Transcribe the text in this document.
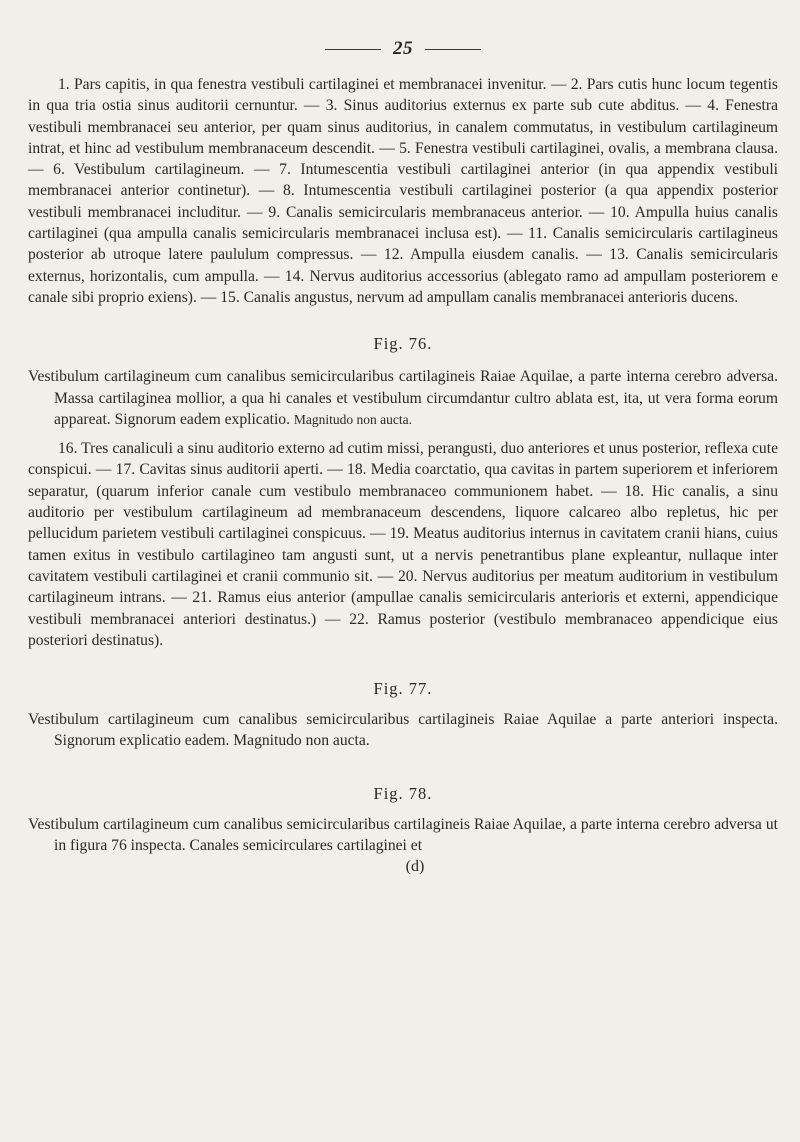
25

1. Pars capitis, in qua fenestra vestibuli cartilaginei et membranacei invenitur. — 2. Pars cutis hunc locum tegentis in qua tria ostia sinus auditorii cernuntur. — 3. Sinus auditorius externus ex parte sub cute abditus. — 4. Fenestra vestibuli membranacei seu anterior, per quam sinus auditorius, in canalem commutatus, in vestibulum cartilagineum intrat, et hinc ad vestibulum membranaceum descendit. — 5. Fenestra vestibuli cartilaginei, ovalis, a membrana clausa. — 6. Vestibulum cartilagineum. — 7. Intumescentia vestibuli cartilaginei anterior (in qua appendix vestibuli membranacei anterior continetur). — 8. Intumescentia vestibuli cartilaginei posterior (a qua appendix posterior vestibuli membranacei includitur. — 9. Canalis semicircularis membranaceus anterior. — 10. Ampulla huius canalis cartilaginei (qua ampulla canalis semicircularis membranacei inclusa est). — 11. Canalis semicircularis cartilagineus posterior ab utroque latere paululum compressus. — 12. Ampulla eiusdem canalis. — 13. Canalis semicircularis externus, horizontalis, cum ampulla. — 14. Nervus auditorius accessorius (ablegato ramo ad ampullam posteriorem e canale sibi proprio exiens). — 15. Canalis angustus, nervum ad ampullam canalis membranacei anterioris ducens.

Fig. 76.

Vestibulum cartilagineum cum canalibus semicircularibus cartilagineis Raiae Aquilae, a parte interna cerebro adversa. Massa cartilaginea mollior, a qua hi canales et vestibulum circumdantur cultro ablata est, ita, ut vera forma eorum appareat. Signorum eadem explicatio. Magnitudo non aucta.

16. Tres canaliculi a sinu auditorio externo ad cutim missi, perangusti, duo anteriores et unus posterior, reflexa cute conspicui. — 17. Cavitas sinus auditorii aperti. — 18. Media coarctatio, qua cavitas in partem superiorem et inferiorem separatur, (quarum inferior canale cum vestibulo membranaceo communionem habet. — 18. Hic canalis, a sinu auditorio per vestibulum cartilagineum ad membranaceum descendens, liquore calcareo albo repletus, hic per pellucidum parietem vestibuli cartilaginei conspicuus. — 19. Meatus auditorius internus in cavitatem cranii hians, cuius tamen exitus in vestibulo cartilagineo tam angusti sunt, ut a nervis penetrantibus plane expleantur, nullaque inter cavitatem vestibuli cartilaginei et cranii communio sit. — 20. Nervus auditorius per meatum auditorium in vestibulum cartilagineum intrans. — 21. Ramus eius anterior (ampullae canalis semicircularis anterioris et externi, appendicique vestibuli membranacei anteriori destinatus.) — 22. Ramus posterior (vestibulo membranaceo appendicique eius posteriori destinatus).

Fig. 77.

Vestibulum cartilagineum cum canalibus semicircularibus cartilagineis Raiae Aquilae a parte anteriori inspecta. Signorum explicatio eadem. Magnitudo non aucta.

Fig. 78.

Vestibulum cartilagineum cum canalibus semicircularibus cartilagineis Raiae Aquilae, a parte interna cerebro adversa ut in figura 76 inspecta. Canales semicirculares cartilaginei et

(d)
